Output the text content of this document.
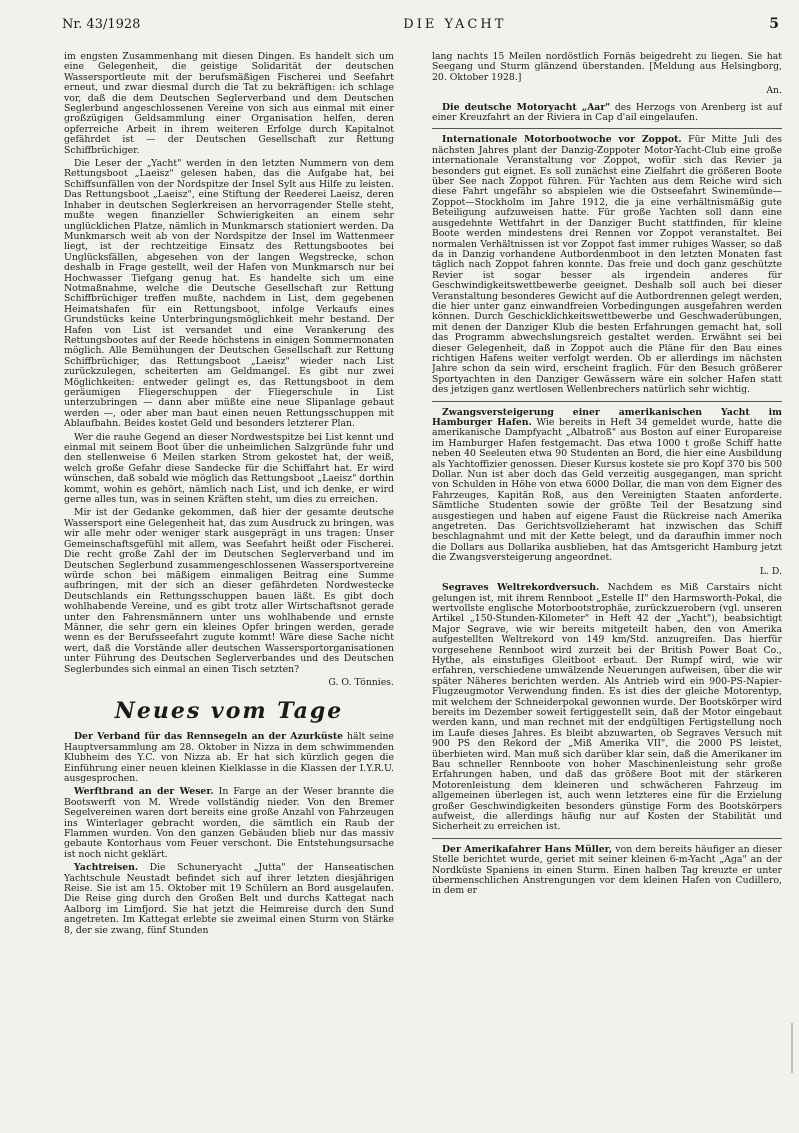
Nr. 43/1928	DIE YACHT	5

im engsten Zusammenhang mit diesen Dingen. Es handelt sich um eine Gelegenheit, die geistige Solidarität der deutschen Wassersportleute mit der berufsmäßigen Fischerei und Seefahrt erneut, und zwar diesmal durch die Tat zu bekräftigen: ich schlage vor, daß die dem Deutschen Seglerverband und dem Deutschen Seglerbund angeschlossenen Vereine von sich aus einmal mit einer großzügigen Geldsammlung einer Organisation helfen, deren opferreiche Arbeit in ihrem weiteren Erfolge durch Kapitalnot gefährdet ist — der Deutschen Gesellschaft zur Rettung Schiffbrüchiger.

Die Leser der „Yacht" werden in den letzten Nummern von dem Rettungsboot „Laeisz" gelesen haben, das die Aufgabe hat, bei Schiffsunfällen von der Nordspitze der Insel Sylt aus Hilfe zu leisten. Das Rettungsboot „Laeisz", eine Stiftung der Reederei Laeisz, deren Inhaber in deutschen Seglerkreisen an hervorragender Stelle steht, mußte wegen finanzieller Schwierigkeiten an einem sehr unglücklichen Platze, nämlich in Munkmarsch stationiert werden. Da Munkmarsch weit ab von der Nordspitze der Insel im Wattenmeer liegt, ist der rechtzeitige Einsatz des Rettungsbootes bei Unglücksfällen, abgesehen von der langen Wegstrecke, schon deshalb in Frage gestellt, weil der Hafen von Munkmarsch nur bei Hochwasser Tiefgang genug hat. Es handelte sich um eine Notmaßnahme, welche die Deutsche Gesellschaft zur Rettung Schiffbrüchiger treffen mußte, nachdem in List, dem gegebenen Heimatshafen für ein Rettungsboot, infolge Verkaufs eines Grundstücks keine Unterbringungsmöglichkeit mehr bestand. Der Hafen von List ist versandet und eine Verankerung des Rettungsbootes auf der Reede höchstens in einigen Sommermonaten möglich. Alle Bemühungen der Deutschen Gesellschaft zur Rettung Schiffbrüchiger, das Rettungsboot „Laeisz" wieder nach List zurückzulegen, scheiterten am Geldmangel. Es gibt nur zwei Möglichkeiten: entweder gelingt es, das Rettungsboot in dem geräumigen Fliegerschuppen der Fliegerschule in List unterzubringen — dann aber müßte eine neue Slipanlage gebaut werden —, oder aber man baut einen neuen Rettungsschuppen mit Ablaufbahn. Beides kostet Geld und besonders letzterer Plan.

Wer die rauhe Gegend an dieser Nordwestspitze bei List kennt und einmal mit seinem Boot über die unheimlichen Salzgründe fuhr und den stellenweise 6 Meilen starken Strom gekostet hat, der weiß, welch große Gefahr diese Sandecke für die Schiffahrt hat. Er wird wünschen, daß sobald wie möglich das Rettungsboot „Laeisz" dorthin kommt, wohin es gehört, nämlich nach List, und ich denke, er wird gerne alles tun, was in seinen Kräften steht, um dies zu erreichen.

Mir ist der Gedanke gekommen, daß hier der gesamte deutsche Wassersport eine Gelegenheit hat, das zum Ausdruck zu bringen, was wir alle mehr oder weniger stark ausgeprägt in uns tragen: Unser Gemeinschaftsgefühl mit allem, was Seefahrt heißt oder Fischerei. Die recht große Zahl der im Deutschen Seglerverband und im Deutschen Seglerbund zusammengeschlossenen Wassersportvereine würde schon bei mäßigem einmaligen Beitrag eine Summe aufbringen, mit der sich an dieser gefährdeten Nordwestecke Deutschlands ein Rettungsschuppen bauen läßt. Es gibt doch wohlhabende Vereine, und es gibt trotz aller Wirtschaftsnot gerade unter den Fahrensmännern unter uns wohlhabende und ernste Männer, die sehr gern ein kleines Opfer bringen werden, gerade wenn es der Berufsseefahrt zugute kommt! Wäre diese Sache nicht wert, daß die Vorstände aller deutschen Wassersportorganisationen unter Führung des Deutschen Seglerverbandes und des Deutschen Seglerbundes sich einmal an einen Tisch setzten?

G. O. Tönnies.
Neues vom Tage

Der Verband für das Rennsegeln an der Azurküste hält seine Hauptversammlung am 28. Oktober in Nizza in dem schwimmenden Klubheim des Y.C. von Nizza ab. Er hat sich kürzlich gegen die Einführung einer neuen kleinen Kielklasse in die Klassen der I.Y.R.U. ausgesprochen.

Werftbrand an der Weser. In Farge an der Weser brannte die Bootswerft von M. Wrede vollständig nieder. Von den Bremer Segelvereinen waren dort bereits eine große Anzahl von Fahrzeugen ins Winterlager gebracht worden, die sämtlich ein Raub der Flammen wurden. Von den ganzen Gebäuden blieb nur das massiv gebaute Kontorhaus vom Feuer verschont. Die Entstehungsursache ist noch nicht geklärt.

Yachtreisen. Die Schuneryacht „Jutta" der Hanseatischen Yachtschule Neustadt befindet sich auf ihrer letzten diesjährigen Reise. Sie ist am 15. Oktober mit 19 Schülern an Bord ausgelaufen. Die Reise ging durch den Großen Belt und durchs Kattegat nach Aalborg im Limfjord. Sie hat jetzt die Heimreise durch den Sund angetreten. Im Kattegat erlebte sie zweimal einen Sturm von Stärke 8, der sie zwang, fünf Stunden

lang nachts 15 Meilen nordöstlich Fornäs beigedreht zu liegen. Sie hat Seegang und Sturm glänzend überstanden. [Meldung aus Helsingborg, 20. Oktober 1928.]

An.

Die deutsche Motoryacht „Aar" des Herzogs von Arenberg ist auf einer Kreuzfahrt an der Riviera in Cap d'ail eingelaufen.

Internationale Motorbootwoche vor Zoppot. Für Mitte Juli des nächsten Jahres plant der Danzig-Zoppoter Motor-Yacht-Club eine große internationale Veranstaltung vor Zoppot, wofür sich das Revier ja besonders gut eignet. Es soll zunächst eine Zielfahrt die größeren Boote über See nach Zoppot führen. Für Yachten aus dem Reiche wird sich diese Fahrt ungefähr so abspielen wie die Ostseefahrt Swinemünde—Zoppot—Stockholm im Jahre 1912, die ja eine verhältnismäßig gute Beteiligung aufzuweisen hatte. Für große Yachten soll dann eine ausgedehnte Wettfahrt in der Danziger Bucht stattfinden, für kleine Boote werden mindestens drei Rennen vor Zoppot veranstaltet. Bei normalen Verhältnissen ist vor Zoppot fast immer ruhiges Wasser, so daß da in Danzig vorhandene Autbordenmboot in den letzten Monaten fast täglich nach Zoppot fahren konnte. Das freie und doch ganz geschützte Revier ist sogar besser als irgendein anderes für Geschwindigkeitswettbewerbe geeignet. Deshalb soll auch bei dieser Veranstaltung besonderes Gewicht auf die Autbordrennen gelegt werden, die hier unter ganz einwandfreien Vorbedingungen ausgefahren werden können. Durch Geschicklichkeitswettbewerbe und Geschwaderübungen, mit denen der Danziger Klub die besten Erfahrungen gemacht hat, soll das Programm abwechslungsreich gestaltet werden. Erwähnt sei bei dieser Gelegenheit, daß in Zoppot auch die Pläne für den Bau eines richtigen Hafens weiter verfolgt werden. Ob er allerdings im nächsten Jahre schon da sein wird, erscheint fraglich. Für den Besuch größerer Sportyachten in den Danziger Gewässern wäre ein solcher Hafen statt des jetzigen ganz wertlosen Wellenbrechers natürlich sehr wichtig.

Zwangsversteigerung einer amerikanischen Yacht im Hamburger Hafen. Wie bereits in Heft 34 gemeldet wurde, hatte die amerikanische Dampfyacht „Albatroß" aus Boston auf einer Europareise im Hamburger Hafen festgemacht. Das etwa 1000 t große Schiff hatte neben 40 Seeleuten etwa 90 Studenten an Bord, die hier eine Ausbildung als Yachtoffizier genossen. Dieser Kursus kostete sie pro Kopf 370 bis 500 Dollar. Nun ist aber doch das Geld verzeitig ausgegangen, man spricht von Schulden in Höhe von etwa 6000 Dollar, die man von dem Eigner des Fahrzeuges, Kapitän Roß, aus den Vereinigten Staaten anforderte. Sämtliche Studenten sowie der größte Teil der Besatzung sind ausgestiegen und haben auf eigene Faust die Rückreise nach Amerika angetreten. Das Gerichtsvollzieheramt hat inzwischen das Schiff beschlagnahmt und mit der Kette belegt, und da daraufhin immer noch die Dollars aus Dollarika ausblieben, hat das Amtsgericht Hamburg jetzt die Zwangsversteigerung angeordnet.

L. D.

Segraves Weltrekordversuch. Nachdem es Miß Carstairs nicht gelungen ist, mit ihrem Rennboot „Estelle II" den Harmsworth-Pokal, die wertvollste englische Motorbootstrophäe, zurückzuerobern (vgl. unseren Artikel „150-Stunden-Kilometer" in Heft 42 der „Yacht"), beabsichtigt Major Segrave, wie wir bereits mitgeteilt haben, den von Amerika aufgestellten Weltrekord von 149 km/Std. anzugreifen. Das hierfür vorgesehene Rennboot wird zurzeit bei der British Power Boat Co., Hythe, als einstufiges Gleitboot erbaut. Der Rumpf wird, wie wir erfahren, verschiedene umwälzende Neuerungen aufweisen, über die wir später Näheres berichten werden. Als Antrieb wird ein 900-PS-Napier-Flugzeugmotor Verwendung finden. Es ist dies der gleiche Motorentyp, mit welchem der Schneiderpokal gewonnen wurde. Der Bootskörper wird bereits im Dezember soweit fertiggestellt sein, daß der Motor eingebaut werden kann, und man rechnet mit der endgültigen Fertigstellung noch im Laufe dieses Jahres. Es bleibt abzuwarten, ob Segraves Versuch mit 900 PS den Rekord der „Miß Amerika VII", die 2000 PS leistet, überbieten wird. Man muß sich darüber klar sein, daß die Amerikaner im Bau schneller Rennboote von hoher Maschinenleistung sehr große Erfahrungen haben, und daß das größere Boot mit der stärkeren Motorenleistung dem kleineren und schwächeren Fahrzeug im allgemeinen überlegen ist, auch wenn letzteres eine für die Erzielung großer Geschwindigkeiten besonders günstige Form des Bootskörpers aufweist, die allerdings häufig nur auf Kosten der Stabilität und Sicherheit zu erreichen ist.

Der Amerikafahrer Hans Müller, von dem bereits häufiger an dieser Stelle berichtet wurde, geriet mit seiner kleinen 6-m-Yacht „Aga" an der Nordküste Spaniens in einen Sturm. Einen halben Tag kreuzte er unter übermenschlichen Anstrengungen vor dem kleinen Hafen von Cudillero, in dem er
